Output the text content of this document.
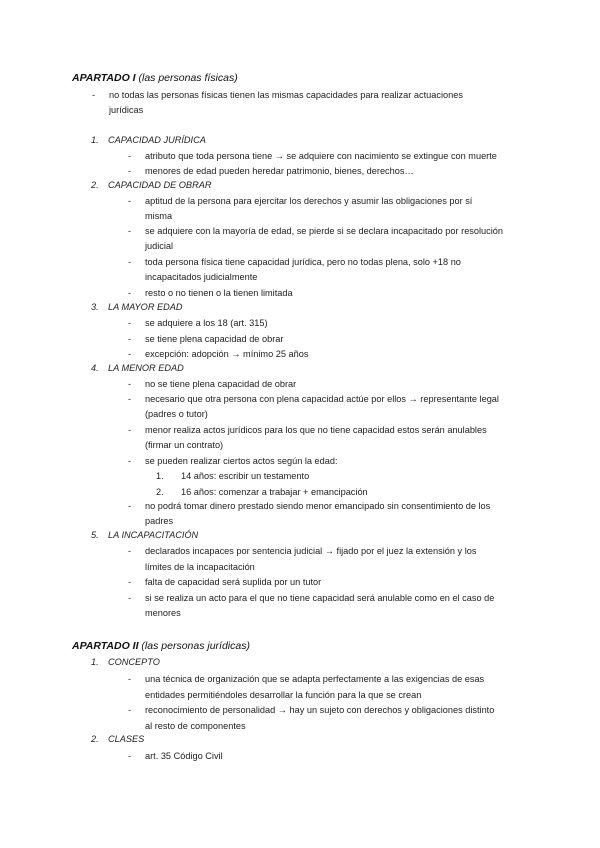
APARTADO I (las personas físicas)
- no todas las personas físicas tienen las mismas capacidades para realizar actuaciones
jurídicas
1. CAPACIDAD JURÍDICA
- atributo que toda persona tiene → se adquiere con nacimiento se extingue con muerte
- menores de edad pueden heredar patrimonio, bienes, derechos…
2. CAPACIDAD DE OBRAR
- aptitud de la persona para ejercitar los derechos y asumir las obligaciones por sí
misma
- se adquiere con la mayoría de edad, se pierde si se declara incapacitado por resolución
judicial
- toda persona física tiene capacidad jurídica, pero no todas plena, solo +18 no
incapacitados judicialmente
- resto o no tienen o la tienen limitada
3. LA MAYOR EDAD
- se adquiere a los 18 (art. 315)
- se tiene plena capacidad de obrar
- excepción: adopción → mínimo 25 años
4. LA MENOR EDAD
- no se tiene plena capacidad de obrar
- necesario que otra persona con plena capacidad actúe por ellos → representante legal
(padres o tutor)
- menor realiza actos jurídicos para los que no tiene capacidad estos serán anulables
(firmar un contrato)
- se pueden realizar ciertos actos según la edad:
- no podrá tomar dinero prestado siendo menor emancipado sin consentimiento de los
padres
1. 14 años: escribir un testamento
2. 16 años: comenzar a trabajar + emancipación
5. LA INCAPACITACIÓN
- declarados incapaces por sentencia judicial → fijado por el juez la extensión y los
límites de la incapacitación
- falta de capacidad será suplida por un tutor
- si se realiza un acto para el que no tiene capacidad será anulable como en el caso de
menores
APARTADO II (las personas jurídicas)
1. CONCEPTO
- una técnica de organización que se adapta perfectamente a las exigencias de esas
entidades permitiéndoles desarrollar la función para la que se crean
- reconocimiento de personalidad → hay un sujeto con derechos y obligaciones distinto
al resto de componentes
2. CLASES
- art. 35 Código Civil
